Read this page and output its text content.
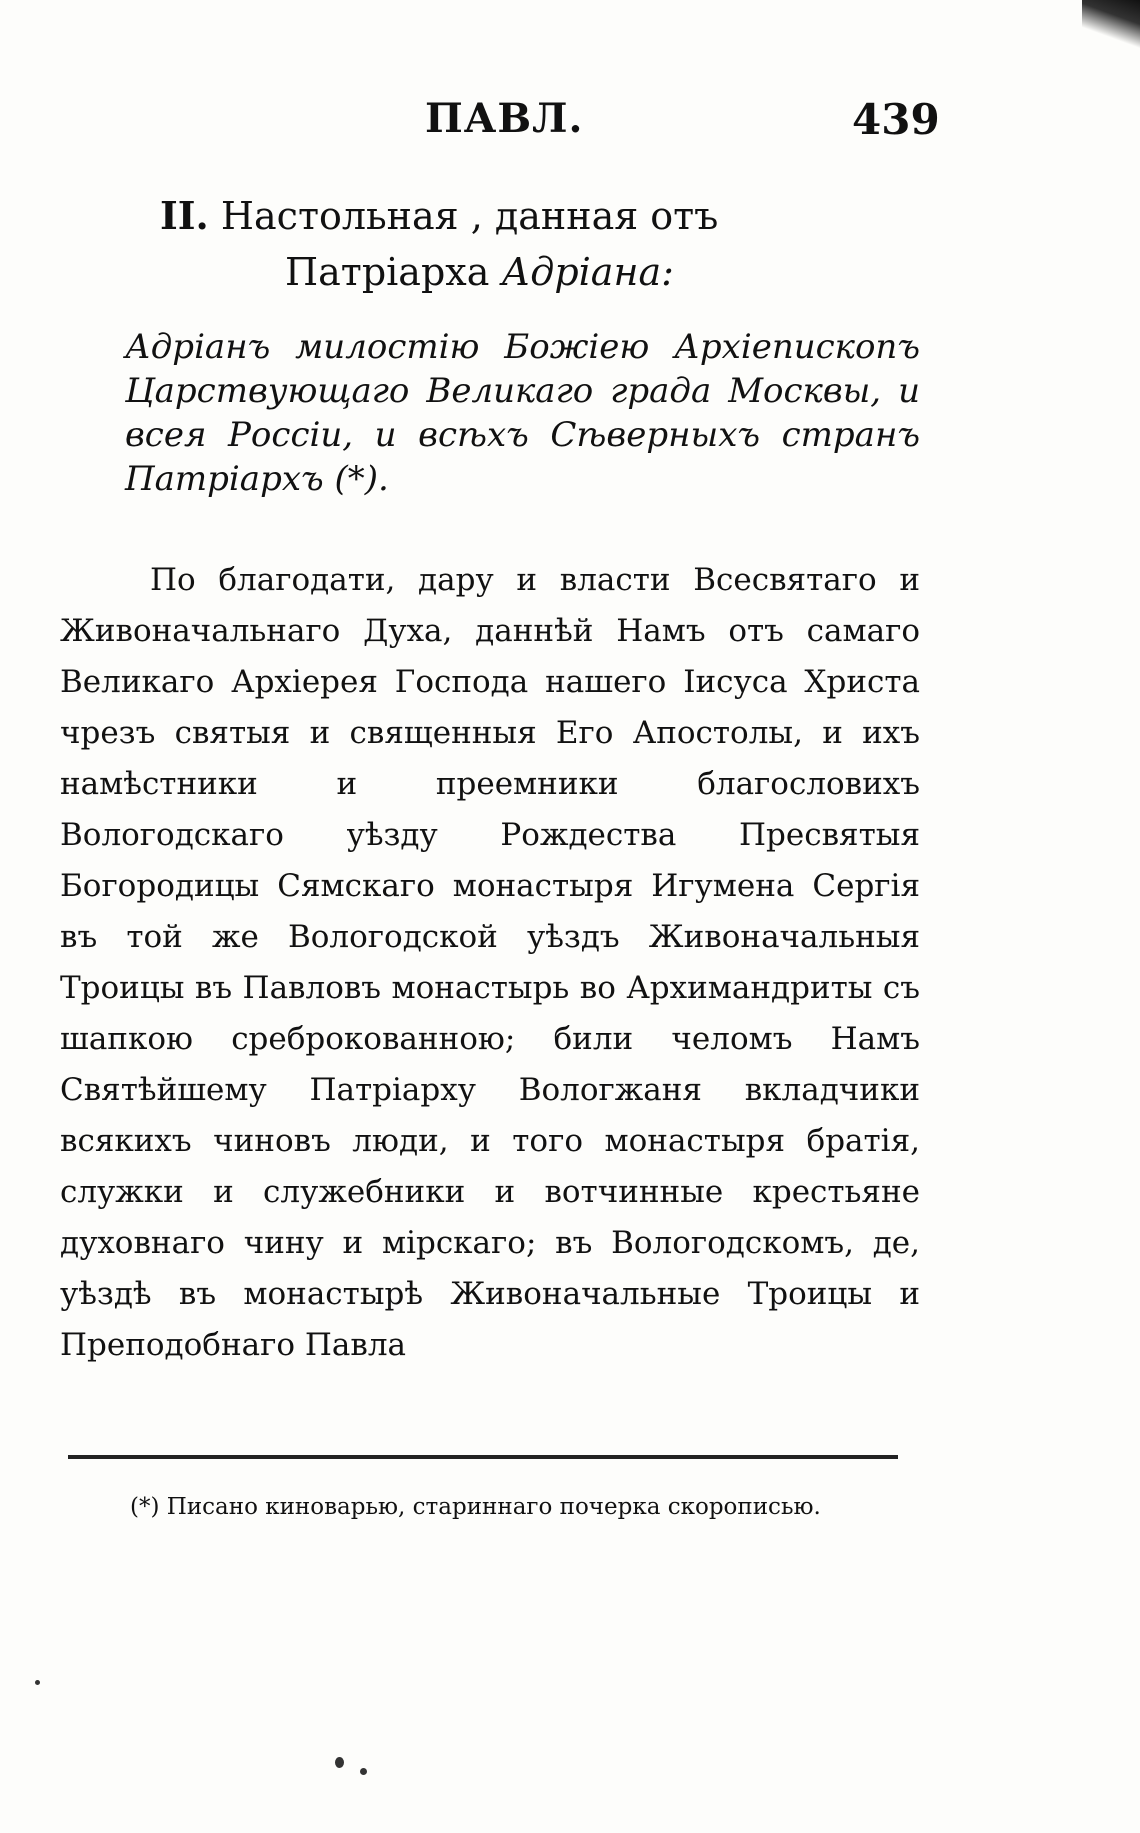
ПАВЛ.	439
II. Настольная , данная отъ
Патріарха Адріана:
Адріанъ милостію Божіею Архіепископъ Царствующаго Великаго града Москвы, и всея Россіи, и всѣхъ Сѣверныхъ странъ Патріархъ (*).
По благодати, дару и власти Всесвятаго и Живоначальнаго Духа, даннѣй Намъ отъ самаго Великаго Архіерея Господа нашего Іисуса Христа чрезъ святыя и священныя Его Апостолы, и ихъ намѣстники и преемники благословихъ Вологодскаго уѣзду Рождества Пресвятыя Богородицы Сямскаго монастыря Игумена Сергія въ той же Вологодской уѣздъ Живоначальныя Троицы въ Павловъ монастырь во Архимандриты съ шапкою среброкованною; били челомъ Намъ Святѣйшему Патріарху Вологжаня вкладчики всякихъ чиновъ люди, и того монастыря братія, служки и служебники и вотчинные крестьяне духовнаго чину и мірскаго; въ Вологодскомъ, де, уѣздѣ въ монастырѣ Живоначальные Троицы и Преподобнаго Павла
(*) Писано киноварью, стариннаго почерка скорописью.
